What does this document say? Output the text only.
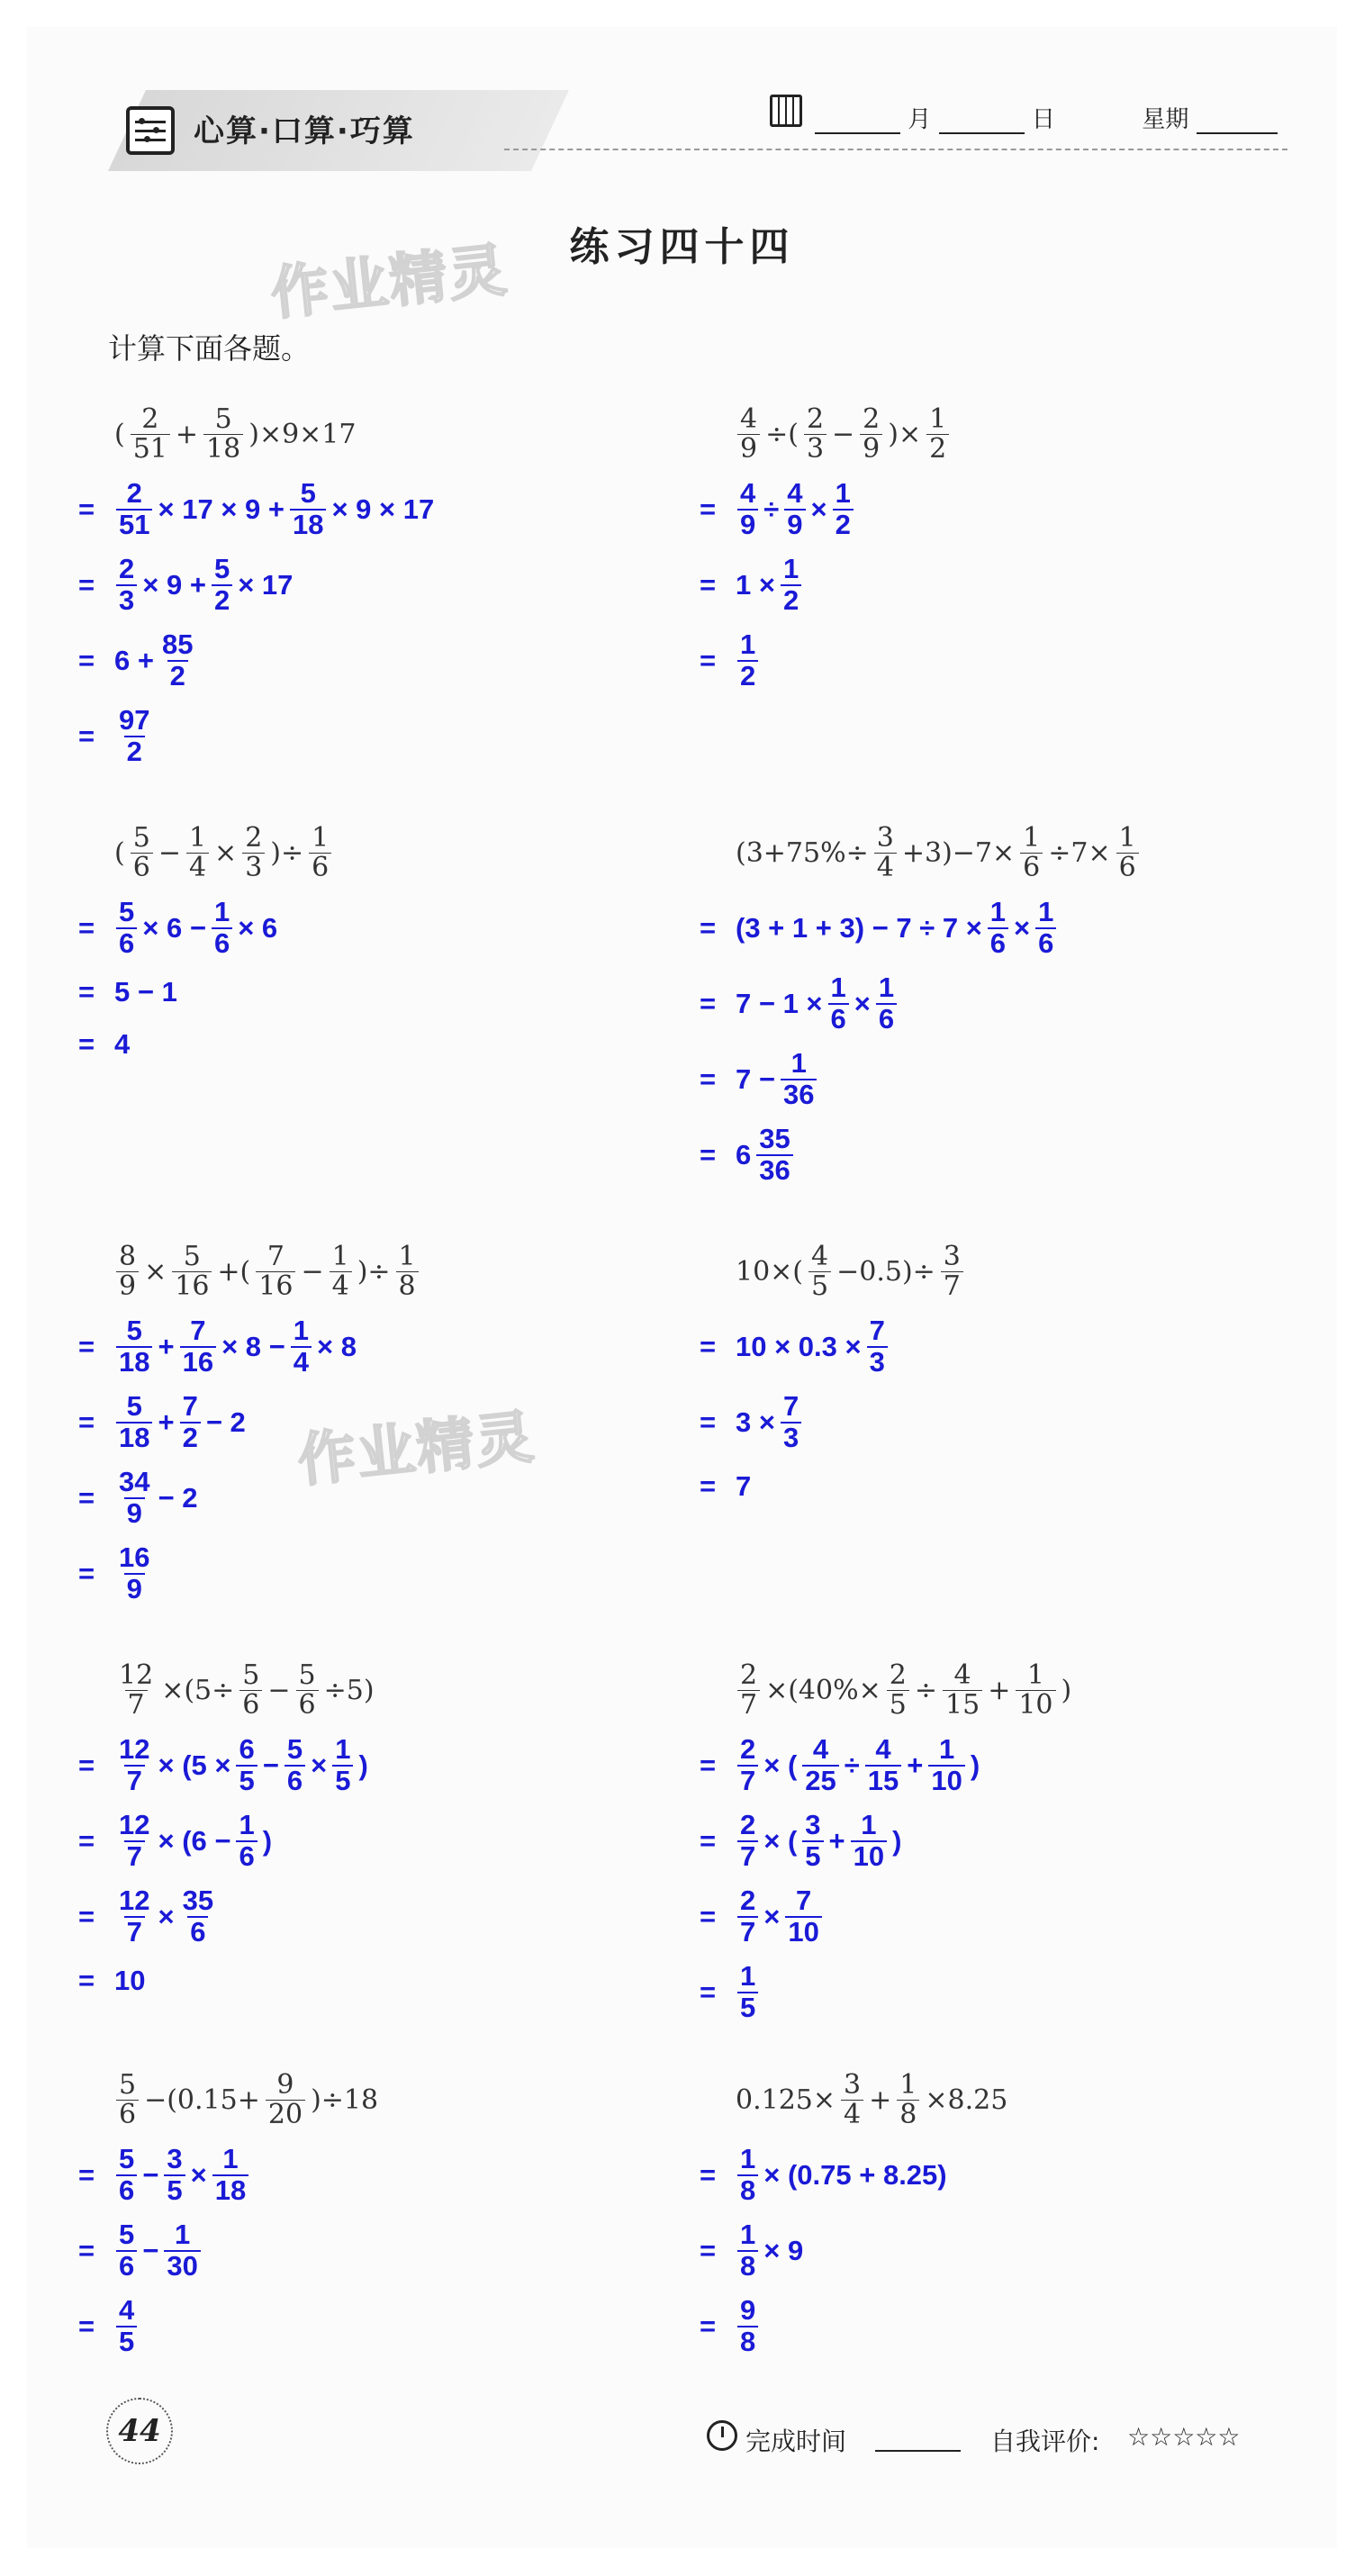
心算·口算·巧算	月	日	星期
作业精灵
作业精灵
练习四十四
计算下面各题。
( $\frac{2}{51} + \frac{5}{18} )\times 9\times 17$
= $\frac{2}{51} \times 17 \times 9 + \frac{5}{18} \times 9 \times 17$
= $\frac{2}{3} \times 9 + \frac{5}{2} \times 17$
= $6 + \frac{85}{2}$
= $\frac{97}{2}$
$\frac{4}{9}$ ÷( $\frac{2}{3} - \frac{2}{9}$ )× $\frac{1}{2}$
= $\frac{4}{9} \div \frac{4}{9} \times \frac{1}{2}$
= $1 \times \frac{1}{2}$
= $\frac{1}{2}$
( $\frac{5}{6} - \frac{1}{4} \times \frac{2}{3}$ )÷ $\frac{1}{6}$
= $\frac{5}{6} \times 6 - \frac{1}{6} \times 6$
= 5 − 1
= 4
$(3+75\%\div \frac{3}{4} +3)-7\times \frac{1}{6} \div 7\times \frac{1}{6}$
= $(3 + 1 + 3) - 7 \div 7 \times \frac{1}{6} \times \frac{1}{6}$
= $7 - 1 \times \frac{1}{6} \times \frac{1}{6}$
= $7 - \frac{1}{36}$
= $6 \frac{35}{36}$
$\frac{8}{9} \times \frac{5}{16}$ +( $\frac{7}{16} - \frac{1}{4}$ )÷ $\frac{1}{8}$
= $\frac{5}{18} + \frac{7}{16} \times 8 - \frac{1}{4} \times 8$
= $\frac{5}{18} + \frac{7}{2} - 2$
= $\frac{34}{9} - 2$
= $\frac{16}{9}$
$10\times( \frac{4}{5} -0.5)\div \frac{3}{7}$
= $10 \times 0.3 \times \frac{7}{3}$
= $3 \times \frac{7}{3}$
= 7
$\frac{12}{7} \times(5\div \frac{5}{6} - \frac{5}{6} \div 5)$
= $\frac{12}{7} \times (5 \times \frac{6}{5} - \frac{5}{6} \times \frac{1}{5}$ )
= $\frac{12}{7} \times (6 - \frac{1}{6}$ )
= $\frac{12}{7} \times \frac{35}{6}$
= 10
$\frac{2}{7} \times(40\%\times \frac{2}{5} \div \frac{4}{15} + \frac{1}{10}$ )
= $\frac{2}{7}$ × ( $\frac{4}{25} \div \frac{4}{15} + \frac{1}{10}$ )
= $\frac{2}{7}$ × ( $\frac{3}{5} + \frac{1}{10}$ )
= $\frac{2}{7} \times \frac{7}{10}$
= $\frac{1}{5}$
$\frac{5}{6} -(0.15+ \frac{9}{20} )\div 18$
= $\frac{5}{6} - \frac{3}{5} \times \frac{1}{18}$
= $\frac{5}{6} - \frac{1}{30}$
= $\frac{4}{5}$
$0.125\times \frac{3}{4} + \frac{1}{8} \times 8.25$
= $\frac{1}{8} \times (0.75 + 8.25)$
= $\frac{1}{8} \times 9$
= $\frac{9}{8}$
44	完成时间	自我评价: ☆☆☆☆☆
